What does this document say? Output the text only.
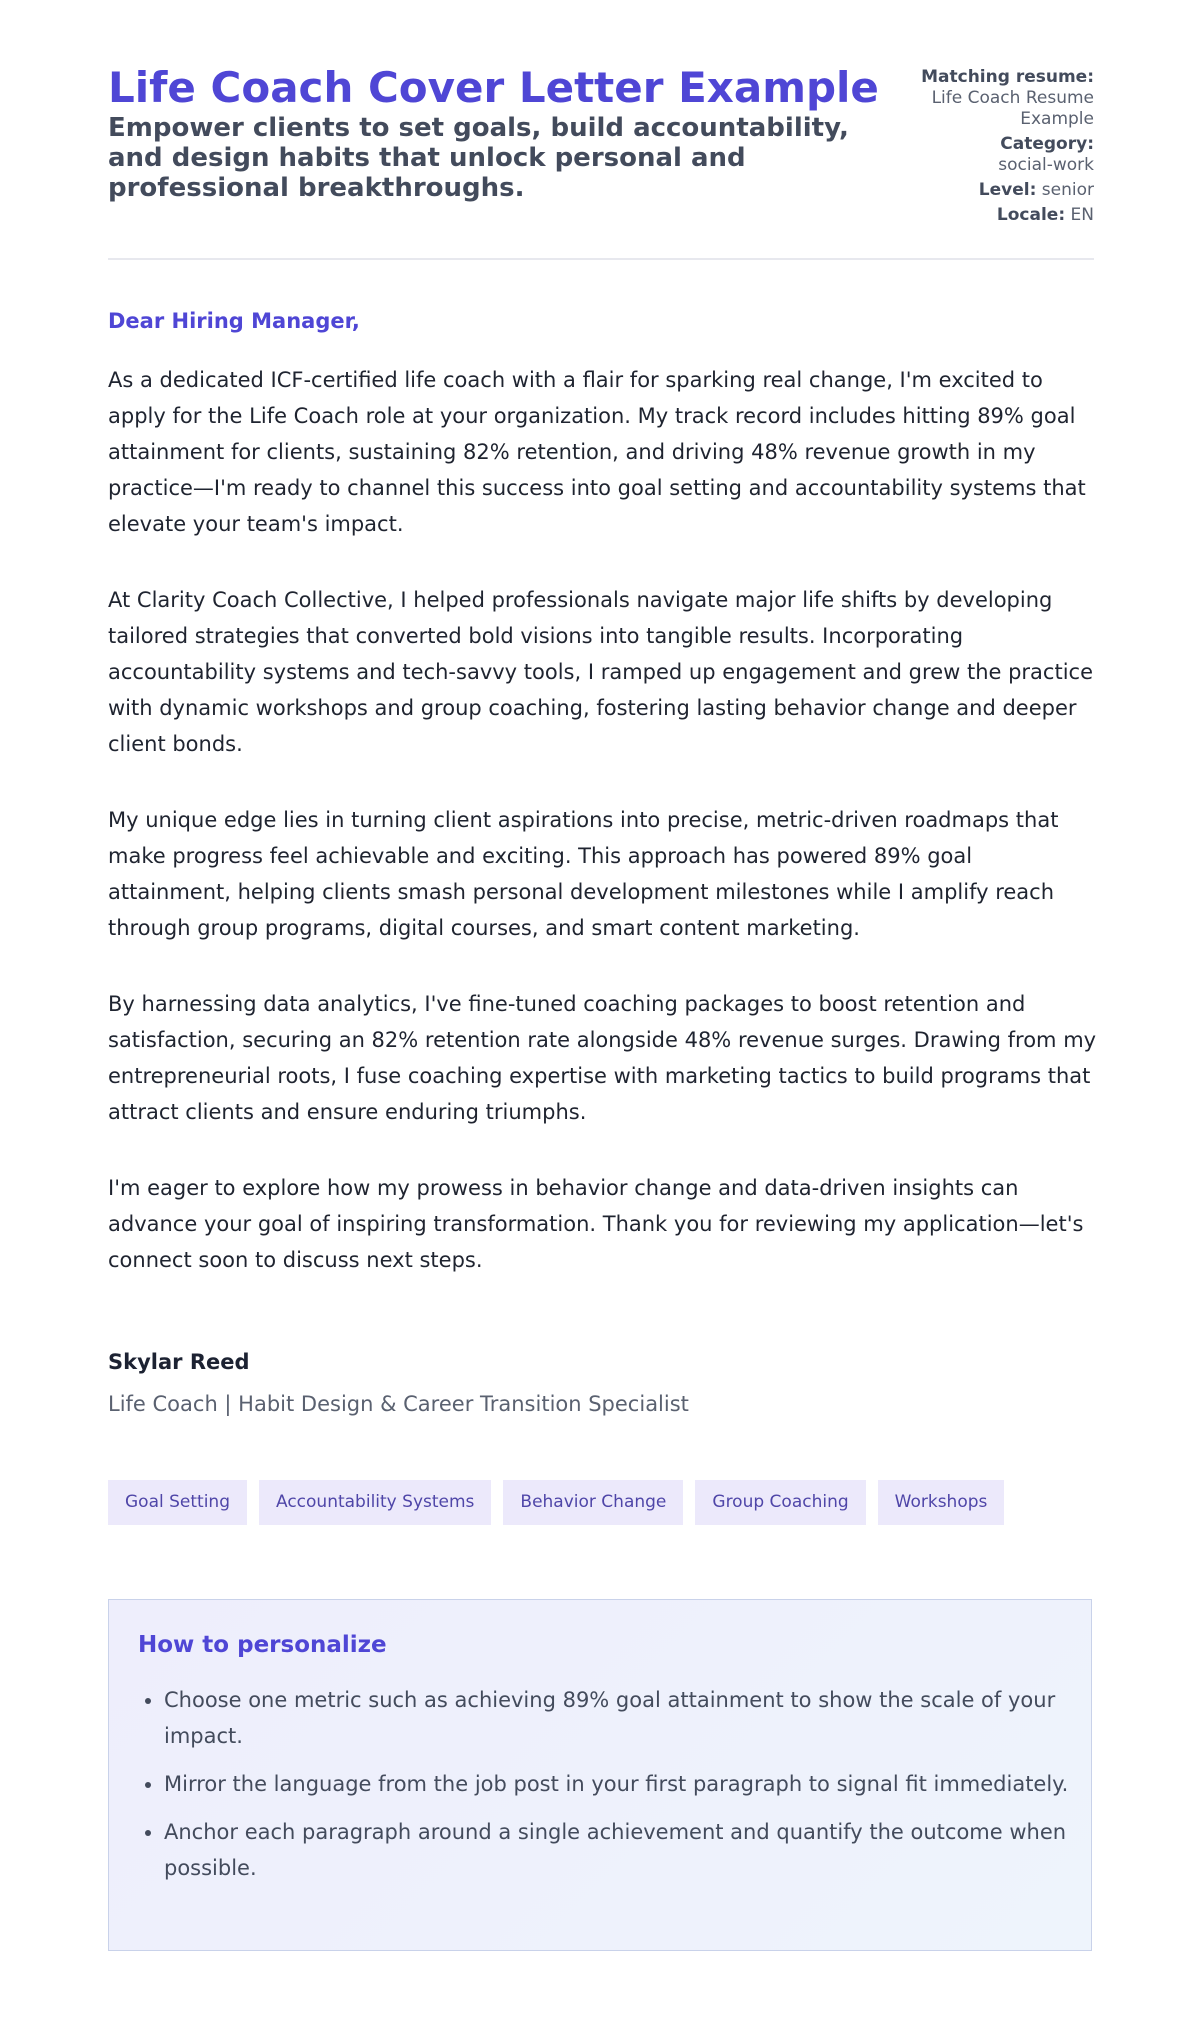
Life Coach Cover Letter Example

Empower clients to set goals, build accountability, and design habits that unlock personal and professional breakthroughs.

Matching resume:
Life Coach Resume Example
Category: social-work
Level: senior
Locale: EN

Dear Hiring Manager,

As a dedicated ICF-certified life coach with a flair for sparking real change, I'm excited to apply for the Life Coach role at your organization. My track record includes hitting 89% goal attainment for clients, sustaining 82% retention, and driving 48% revenue growth in my practice—I'm ready to channel this success into goal setting and accountability systems that elevate your team's impact.

At Clarity Coach Collective, I helped professionals navigate major life shifts by developing tailored strategies that converted bold visions into tangible results. Incorporating accountability systems and tech-savvy tools, I ramped up engagement and grew the practice with dynamic workshops and group coaching, fostering lasting behavior change and deeper client bonds.

My unique edge lies in turning client aspirations into precise, metric-driven roadmaps that make progress feel achievable and exciting. This approach has powered 89% goal attainment, helping clients smash personal development milestones while I amplify reach through group programs, digital courses, and smart content marketing.

By harnessing data analytics, I've fine-tuned coaching packages to boost retention and satisfaction, securing an 82% retention rate alongside 48% revenue surges. Drawing from my entrepreneurial roots, I fuse coaching expertise with marketing tactics to build programs that attract clients and ensure enduring triumphs.

I'm eager to explore how my prowess in behavior change and data-driven insights can advance your goal of inspiring transformation. Thank you for reviewing my application—let's connect soon to discuss next steps.

Skylar Reed

Life Coach | Habit Design & Career Transition Specialist

Goal Setting	Accountability Systems	Behavior Change	Group Coaching	Workshops
How to personalize
• Choose one metric such as achieving 89% goal attainment to show the scale of your impact.
• Mirror the language from the job post in your first paragraph to signal fit immediately.
• Anchor each paragraph around a single achievement and quantify the outcome when possible.
